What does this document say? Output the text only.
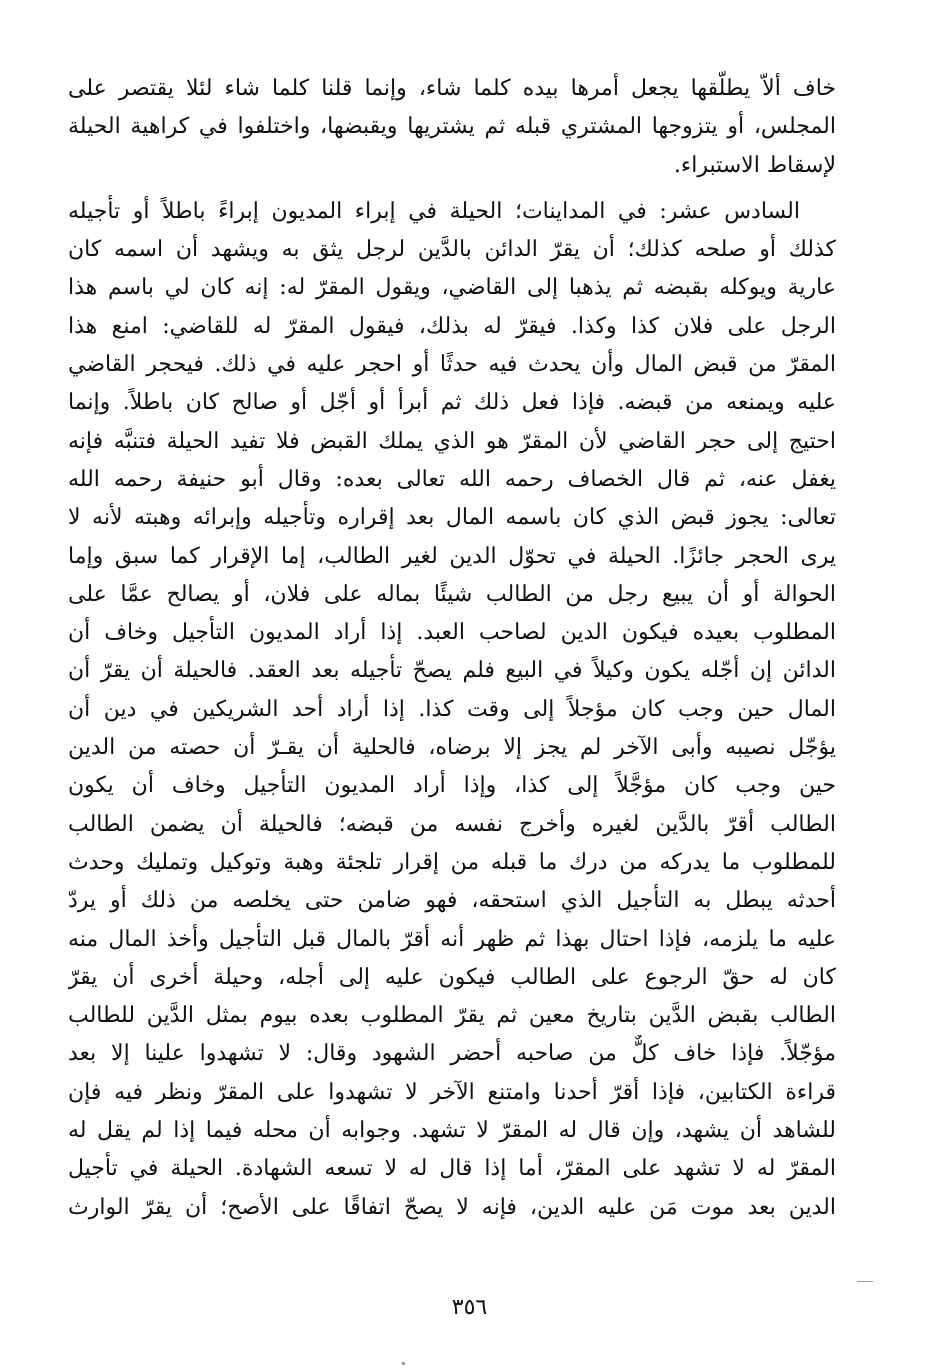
خاف ألاّ يطلّقها يجعل أمرها بيده كلما شاء، وإنما قلنا كلما شاء لئلا يقتصر على
المجلس، أو يتزوجها المشتري قبله ثم يشتريها ويقبضها، واختلفوا في كراهية الحيلة
لإسقاط الاستبراء.
السادس عشر: في المداينات؛ الحيلة في إبراء المديون إبراءً باطلاً أو تأجيله
كذلك أو صلحه كذلك؛ أن يقرّ الدائن بالدَّين لرجل يثق به ويشهد أن اسمه كان
عارية ويوكله بقبضه ثم يذهبا إلى القاضي، ويقول المقرّ له: إنه كان لي باسم هذا
الرجل على فلان كذا وكذا. فيقرّ له بذلك، فيقول المقرّ له للقاضي: امنع هذا
المقرّ من قبض المال وأن يحدث فيه حدثًا أو احجر عليه في ذلك. فيحجر القاضي
عليه ويمنعه من قبضه. فإذا فعل ذلك ثم أبرأ أو أجّل أو صالح كان باطلاً. وإنما
احتيج إلى حجر القاضي لأن المقرّ هو الذي يملك القبض فلا تفيد الحيلة فتنبَّه فإنه
يغفل عنه، ثم قال الخصاف رحمه الله تعالى بعده: وقال أبو حنيفة رحمه الله
تعالى: يجوز قبض الذي كان باسمه المال بعد إقراره وتأجيله وإبرائه وهبته لأنه لا
يرى الحجر جائزًا. الحيلة في تحوّل الدين لغير الطالب، إما الإقرار كما سبق وإما
الحوالة أو أن يبيع رجل من الطالب شيئًا بماله على فلان، أو يصالح عمَّا على
المطلوب بعيده فيكون الدين لصاحب العبد. إذا أراد المديون التأجيل وخاف أن
الدائن إن أجّله يكون وكيلاً في البيع فلم يصحّ تأجيله بعد العقد. فالحيلة أن يقرّ أن
المال حين وجب كان مؤجلاً إلى وقت كذا. إذا أراد أحد الشريكين في دين أن
يؤجّل نصيبه وأبى الآخر لم يجز إلا برضاه، فالحلية أن يقـرّ أن حصته من الدين
حين وجب كان مؤجَّلاً إلى كذا، وإذا أراد المديون التأجيل وخاف أن يكون
الطالب أقرّ بالدَّين لغيره وأخرج نفسه من قبضه؛ فالحيلة أن يضمن الطالب
للمطلوب ما يدركه من درك ما قبله من إقرار تلجئة وهبة وتوكيل وتمليك وحدث
أحدثه يبطل به التأجيل الذي استحقه، فهو ضامن حتى يخلصه من ذلك أو يردّ
عليه ما يلزمه، فإذا احتال بهذا ثم ظهر أنه أقرّ بالمال قبل التأجيل وأخذ المال منه
كان له حقّ الرجوع على الطالب فيكون عليه إلى أجله، وحيلة أخرى أن يقرّ
الطالب بقبض الدَّين بتاريخ معين ثم يقرّ المطلوب بعده بيوم بمثل الدَّين للطالب
مؤجّلاً. فإذا خاف كلٌّ من صاحبه أحضر الشهود وقال: لا تشهدوا علينا إلا بعد
قراءة الكتابين، فإذا أقرّ أحدنا وامتنع الآخر لا تشهدوا على المقرّ ونظر فيه فإن
للشاهد أن يشهد، وإن قال له المقرّ لا تشهد. وجوابه أن محله فيما إذا لم يقل له
المقرّ له لا تشهد على المقرّ، أما إذا قال له لا تسعه الشهادة. الحيلة في تأجيل
الدين بعد موت مَن عليه الدين، فإنه لا يصحّ اتفاقًا على الأصح؛ أن يقرّ الوارث
٣٥٦
